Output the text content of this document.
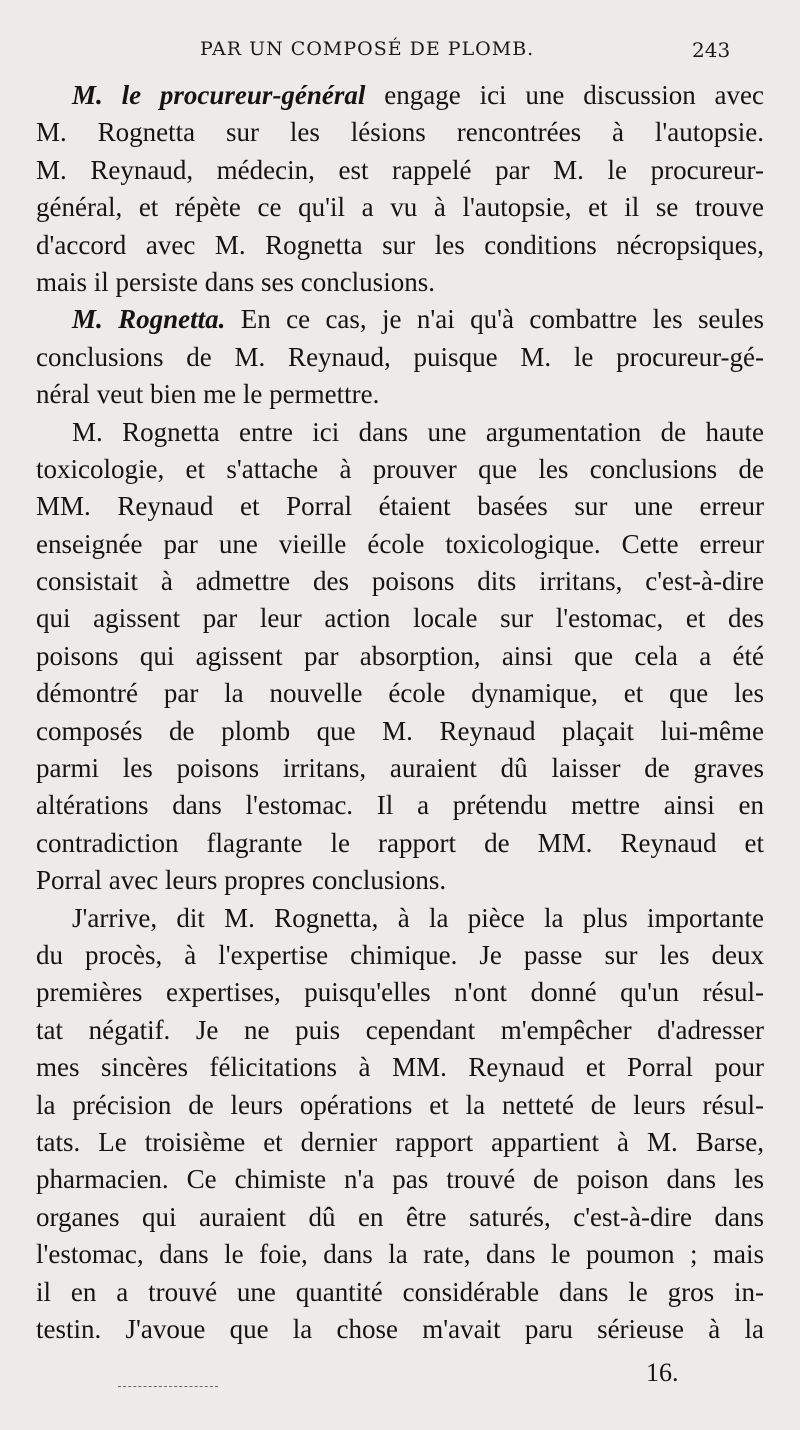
PAR UN COMPOSÉ DE PLOMB.	243
M. le procureur-général engage ici une discussion avec
M. Rognetta sur les lésions rencontrées à l'autopsie.
M. Reynaud, médecin, est rappelé par M. le procureur-
général, et répète ce qu'il a vu à l'autopsie, et il se trouve
d'accord avec M. Rognetta sur les conditions nécropsiques,
mais il persiste dans ses conclusions.
M. Rognetta. En ce cas, je n'ai qu'à combattre les seules
conclusions de M. Reynaud, puisque M. le procureur-gé-
néral veut bien me le permettre.
M. Rognetta entre ici dans une argumentation de haute
toxicologie, et s'attache à prouver que les conclusions de
MM. Reynaud et Porral étaient basées sur une erreur
enseignée par une vieille école toxicologique. Cette erreur
consistait à admettre des poisons dits irritans, c'est-à-dire
qui agissent par leur action locale sur l'estomac, et des
poisons qui agissent par absorption, ainsi que cela a été
démontré par la nouvelle école dynamique, et que les
composés de plomb que M. Reynaud plaçait lui-même
parmi les poisons irritans, auraient dû laisser de graves
altérations dans l'estomac. Il a prétendu mettre ainsi en
contradiction flagrante le rapport de MM. Reynaud et
Porral avec leurs propres conclusions.
J'arrive, dit M. Rognetta, à la pièce la plus importante
du procès, à l'expertise chimique. Je passe sur les deux
premières expertises, puisqu'elles n'ont donné qu'un résul-
tat négatif. Je ne puis cependant m'empêcher d'adresser
mes sincères félicitations à MM. Reynaud et Porral pour
la précision de leurs opérations et la netteté de leurs résul-
tats. Le troisième et dernier rapport appartient à M. Barse,
pharmacien. Ce chimiste n'a pas trouvé de poison dans les
organes qui auraient dû en être saturés, c'est-à-dire dans
l'estomac, dans le foie, dans la rate, dans le poumon ; mais
il en a trouvé une quantité considérable dans le gros in-
testin. J'avoue que la chose m'avait paru sérieuse à la
16.
